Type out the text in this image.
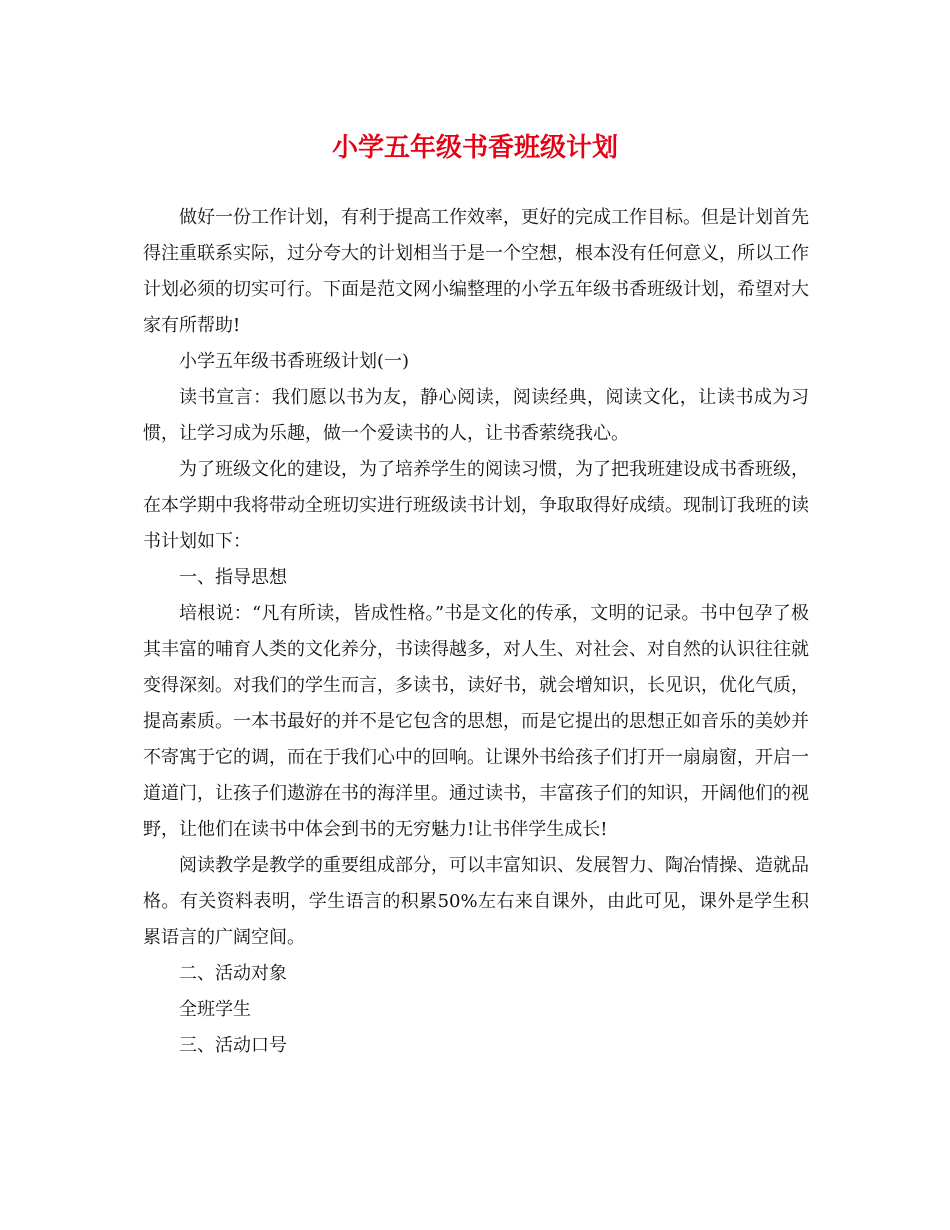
小学五年级书香班级计划

做好一份工作计划，有利于提高工作效率，更好的完成工作目标。但是计划首先得注重联系实际，过分夸大的计划相当于是一个空想，根本没有任何意义，所以工作计划必须的切实可行。下面是范文网小编整理的小学五年级书香班级计划，希望对大家有所帮助!

小学五年级书香班级计划(一)

读书宣言：我们愿以书为友，静心阅读，阅读经典，阅读文化，让读书成为习惯，让学习成为乐趣，做一个爱读书的人，让书香萦绕我心。

为了班级文化的建设，为了培养学生的阅读习惯，为了把我班建设成书香班级，在本学期中我将带动全班切实进行班级读书计划，争取取得好成绩。现制订我班的读书计划如下：

一、指导思想

培根说：“凡有所读，皆成性格。”书是文化的传承，文明的记录。书中包孕了极其丰富的哺育人类的文化养分，书读得越多，对人生、对社会、对自然的认识往往就变得深刻。对我们的学生而言，多读书，读好书，就会增知识，长见识，优化气质，提高素质。一本书最好的并不是它包含的思想，而是它提出的思想正如音乐的美妙并不寄寓于它的调，而在于我们心中的回响。让课外书给孩子们打开一扇扇窗，开启一道道门，让孩子们遨游在书的海洋里。通过读书，丰富孩子们的知识，开阔他们的视野，让他们在读书中体会到书的无穷魅力!让书伴学生成长!

阅读教学是教学的重要组成部分，可以丰富知识、发展智力、陶冶情操、造就品格。有关资料表明，学生语言的积累50%左右来自课外，由此可见，课外是学生积累语言的广阔空间。

二、活动对象

全班学生

三、活动口号
